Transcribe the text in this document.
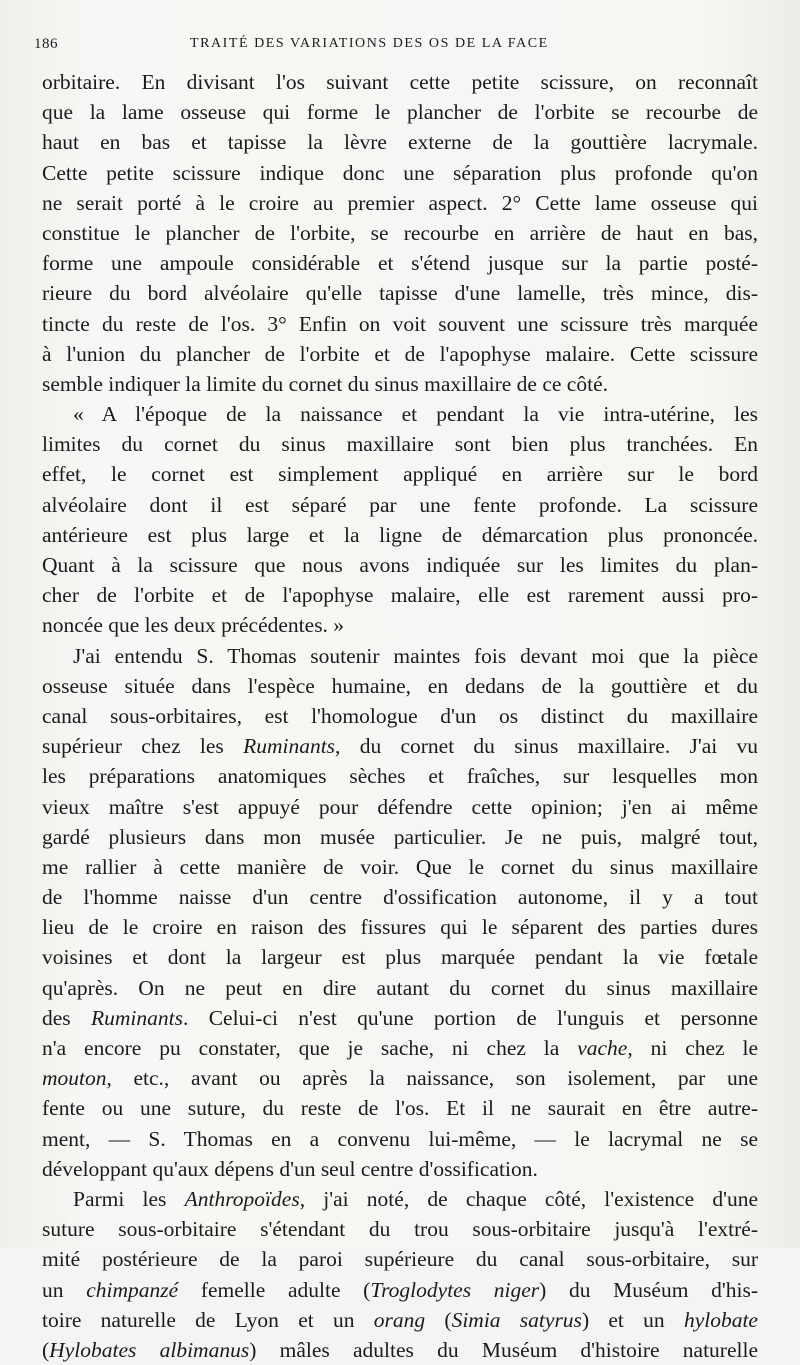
186	TRAITÉ DES VARIATIONS DES OS DE LA FACE
orbitaire. En divisant l'os suivant cette petite scissure, on reconnaît
que la lame osseuse qui forme le plancher de l'orbite se recourbe de
haut en bas et tapisse la lèvre externe de la gouttière lacrymale.
Cette petite scissure indique donc une séparation plus profonde qu'on
ne serait porté à le croire au premier aspect. 2° Cette lame osseuse qui
constitue le plancher de l'orbite, se recourbe en arrière de haut en bas,
forme une ampoule considérable et s'étend jusque sur la partie posté-
rieure du bord alvéolaire qu'elle tapisse d'une lamelle, très mince, dis-
tincte du reste de l'os. 3° Enfin on voit souvent une scissure très marquée
à l'union du plancher de l'orbite et de l'apophyse malaire. Cette scissure
semble indiquer la limite du cornet du sinus maxillaire de ce côté.
« A l'époque de la naissance et pendant la vie intra-utérine, les
limites du cornet du sinus maxillaire sont bien plus tranchées. En
effet, le cornet est simplement appliqué en arrière sur le bord
alvéolaire dont il est séparé par une fente profonde. La scissure
antérieure est plus large et la ligne de démarcation plus prononcée.
Quant à la scissure que nous avons indiquée sur les limites du plan-
cher de l'orbite et de l'apophyse malaire, elle est rarement aussi pro-
noncée que les deux précédentes. »
J'ai entendu S. Thomas soutenir maintes fois devant moi que la pièce
osseuse située dans l'espèce humaine, en dedans de la gouttière et du
canal sous-orbitaires, est l'homologue d'un os distinct du maxillaire
supérieur chez les Ruminants, du cornet du sinus maxillaire. J'ai vu
les préparations anatomiques sèches et fraîches, sur lesquelles mon
vieux maître s'est appuyé pour défendre cette opinion; j'en ai même
gardé plusieurs dans mon musée particulier. Je ne puis, malgré tout,
me rallier à cette manière de voir. Que le cornet du sinus maxillaire
de l'homme naisse d'un centre d'ossification autonome, il y a tout
lieu de le croire en raison des fissures qui le séparent des parties dures
voisines et dont la largeur est plus marquée pendant la vie fœtale
qu'après. On ne peut en dire autant du cornet du sinus maxillaire
des Ruminants. Celui-ci n'est qu'une portion de l'unguis et personne
n'a encore pu constater, que je sache, ni chez la vache, ni chez le
mouton, etc., avant ou après la naissance, son isolement, par une
fente ou une suture, du reste de l'os. Et il ne saurait en être autre-
ment, — S. Thomas en a convenu lui-même, — le lacrymal ne se
développant qu'aux dépens d'un seul centre d'ossification.
Parmi les Anthropoïdes, j'ai noté, de chaque côté, l'existence d'une
suture sous-orbitaire s'étendant du trou sous-orbitaire jusqu'à l'extré-
mité postérieure de la paroi supérieure du canal sous-orbitaire, sur
un chimpanzé femelle adulte (Troglodytes niger) du Muséum d'his-
toire naturelle de Lyon et un orang (Simia satyrus) et un hylobate
(Hylobates albimanus) mâles adultes du Muséum d'histoire naturelle
